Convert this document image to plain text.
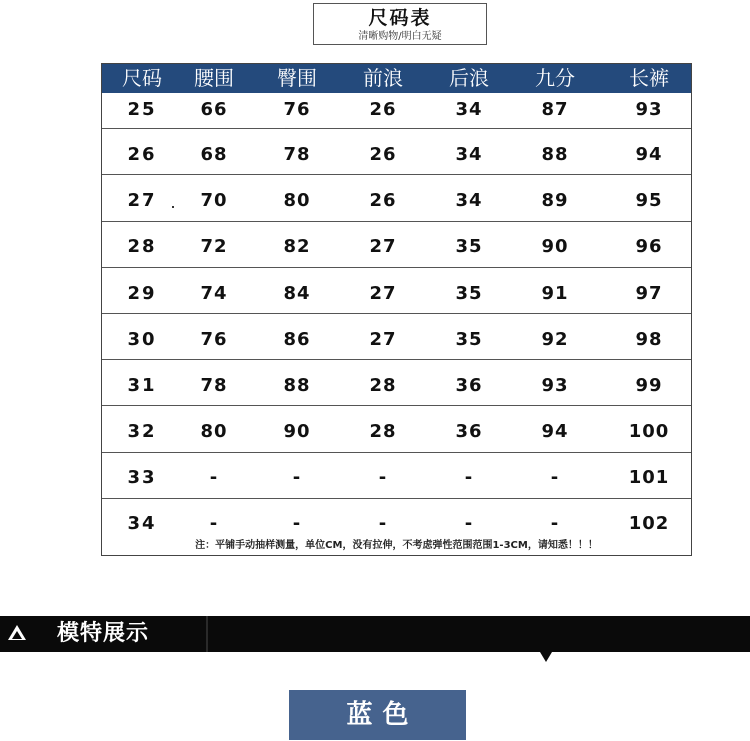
尺码表
清晰购物/明白无疑
尺码	腰围	臀围	前浪	后浪	九分	长裤
注：平铺手动抽样测量，单位CM，没有拉伸，不考虑弹性范围范围1-3CM，请知悉！！！
25	66	76	26	34	87	93
26	68	78	26	34	88	94
27	70	80	26	34	89	95
28	72	82	27	35	90	96
29	74	84	27	35	91	97
30	76	86	27	35	92	98
31	78	88	28	36	93	99
32	80	90	28	36	94	100
33	-	-	-	-	-	101
34	-	-	-	-	-	102
模特展示
蓝色
